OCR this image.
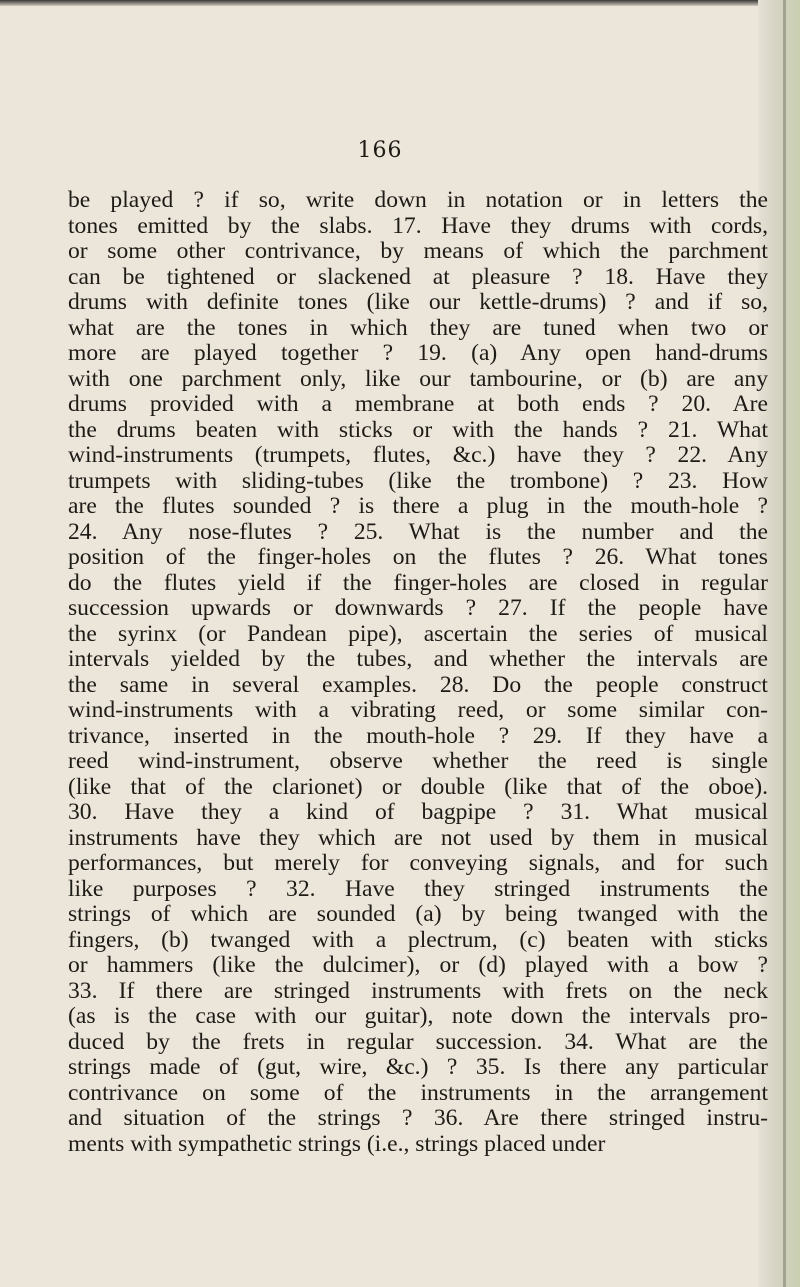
166
be played ? if so, write down in notation or in letters the
tones emitted by the slabs. 17. Have they drums with cords,
or some other contrivance, by means of which the parchment
can be tightened or slackened at pleasure ? 18. Have they
drums with definite tones (like our kettle-drums) ? and if so,
what are the tones in which they are tuned when two or
more are played together ? 19. (a) Any open hand-drums
with one parchment only, like our tambourine, or (b) are any
drums provided with a membrane at both ends ? 20. Are
the drums beaten with sticks or with the hands ? 21. What
wind-instruments (trumpets, flutes, &c.) have they ? 22. Any
trumpets with sliding-tubes (like the trombone) ? 23. How
are the flutes sounded ? is there a plug in the mouth-hole ?
24. Any nose-flutes ? 25. What is the number and the
position of the finger-holes on the flutes ? 26. What tones
do the flutes yield if the finger-holes are closed in regular
succession upwards or downwards ? 27. If the people have
the syrinx (or Pandean pipe), ascertain the series of musical
intervals yielded by the tubes, and whether the intervals are
the same in several examples. 28. Do the people construct
wind-instruments with a vibrating reed, or some similar con-
trivance, inserted in the mouth-hole ? 29. If they have a
reed wind-instrument, observe whether the reed is single
(like that of the clarionet) or double (like that of the oboe).
30. Have they a kind of bagpipe ? 31. What musical
instruments have they which are not used by them in musical
performances, but merely for conveying signals, and for such
like purposes ? 32. Have they stringed instruments the
strings of which are sounded (a) by being twanged with the
fingers, (b) twanged with a plectrum, (c) beaten with sticks
or hammers (like the dulcimer), or (d) played with a bow ?
33. If there are stringed instruments with frets on the neck
(as is the case with our guitar), note down the intervals pro-
duced by the frets in regular succession. 34. What are the
strings made of (gut, wire, &c.) ? 35. Is there any particular
contrivance on some of the instruments in the arrangement
and situation of the strings ? 36. Are there stringed instru-
ments with sympathetic strings (i.e., strings placed under
